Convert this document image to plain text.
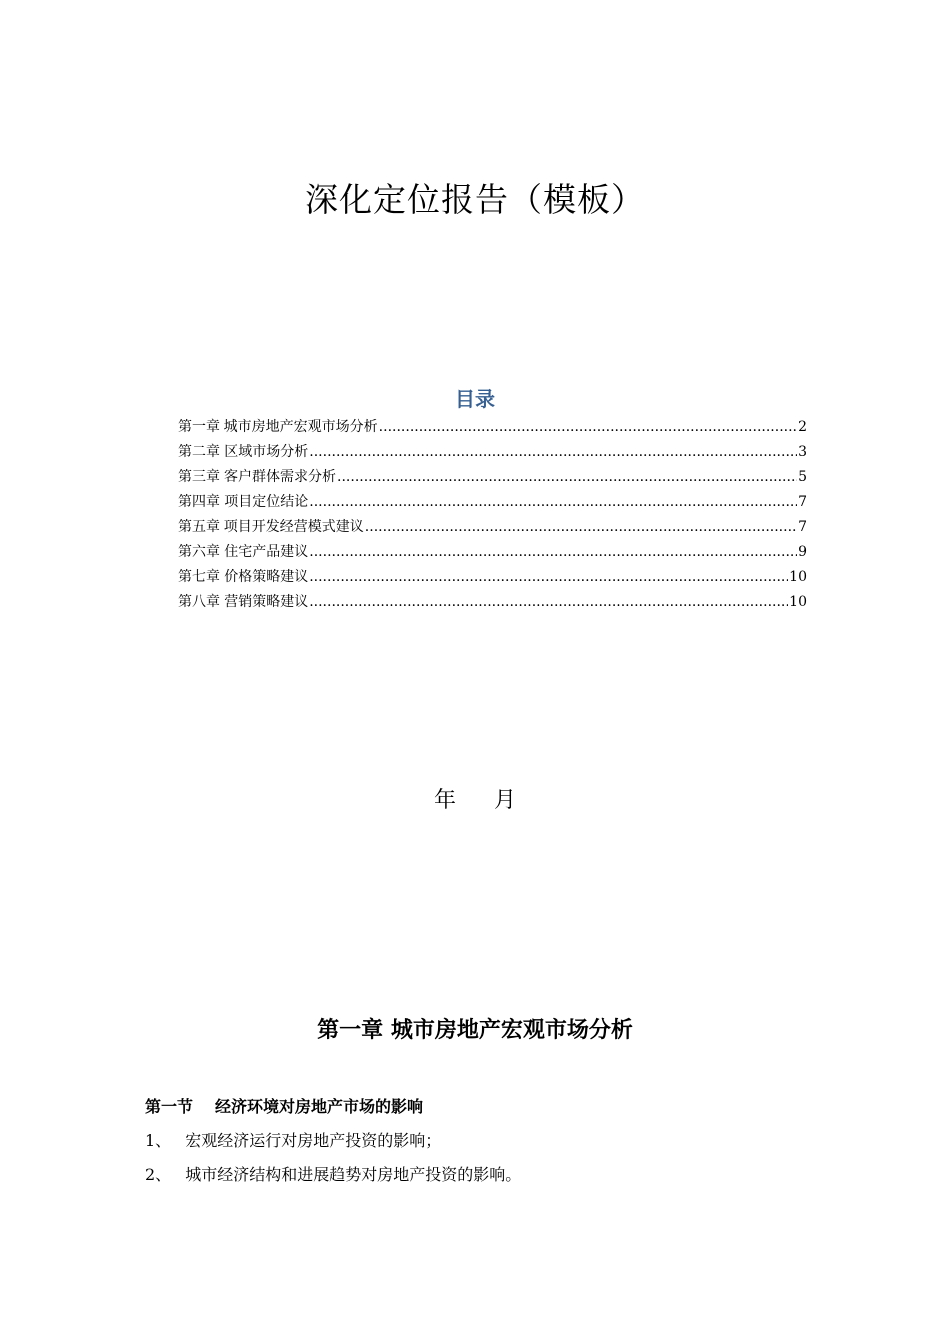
深化定位报告（模板）
目录
第一章 城市房地产宏观市场分析 .....	2
第二章 区域市场分析 .....	3
第三章 客户群体需求分析 .....	5
第四章 项目定位结论 .....	7
第五章 项目开发经营模式建议 .....	7
第六章 住宅产品建议 .....	9
第七章 价格策略建议 .....	10
第八章 营销策略建议 .....	10
年 月
第一章 城市房地产宏观市场分析
第一节 经济环境对房地产市场的影响
1、 宏观经济运行对房地产投资的影响；
2、 城市经济结构和进展趋势对房地产投资的影响。
